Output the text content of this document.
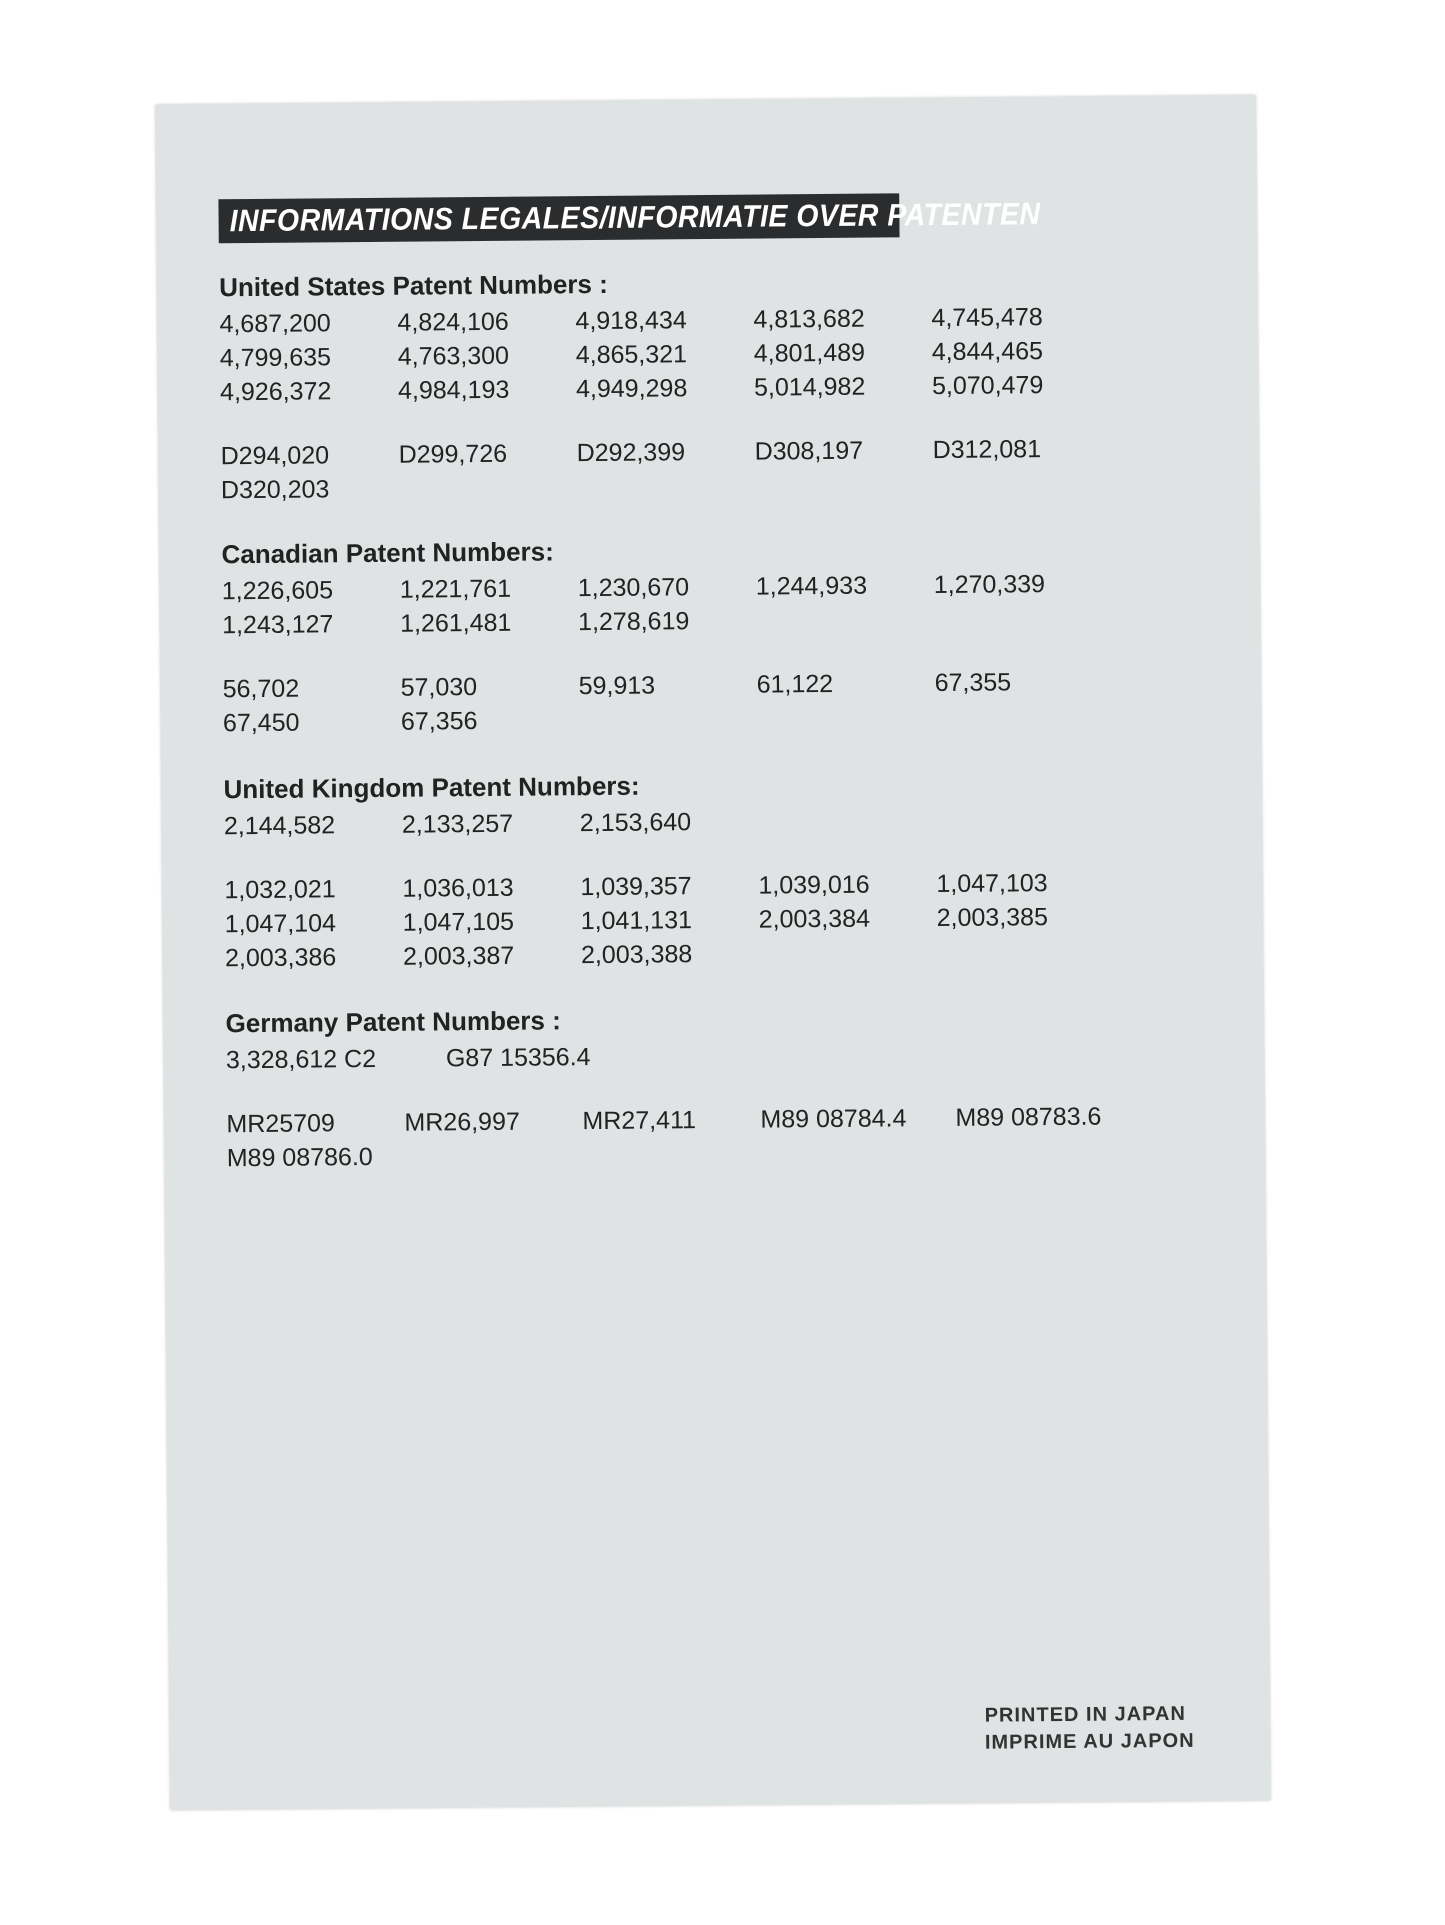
INFORMATIONS LEGALES/INFORMATIE OVER PATENTEN
United States Patent Numbers :
4,687,200	4,824,106	4,918,434	4,813,682	4,745,478
4,799,635	4,763,300	4,865,321	4,801,489	4,844,465
4,926,372	4,984,193	4,949,298	5,014,982	5,070,479
D294,020	D299,726	D292,399	D308,197	D312,081
D320,203
Canadian Patent Numbers:
1,226,605	1,221,761	1,230,670	1,244,933	1,270,339
1,243,127	1,261,481	1,278,619
56,702	57,030	59,913	61,122	67,355
67,450	67,356
United Kingdom Patent Numbers:
2,144,582	2,133,257	2,153,640
1,032,021	1,036,013	1,039,357	1,039,016	1,047,103
1,047,104	1,047,105	1,041,131	2,003,384	2,003,385
2,003,386	2,003,387	2,003,388
Germany Patent Numbers :
3,328,612 C2	G87 15356.4
MR25709	MR26,997	MR27,411	M89 08784.4	M89 08783.6
M89 08786.0
PRINTED IN JAPAN
IMPRIME AU JAPON
